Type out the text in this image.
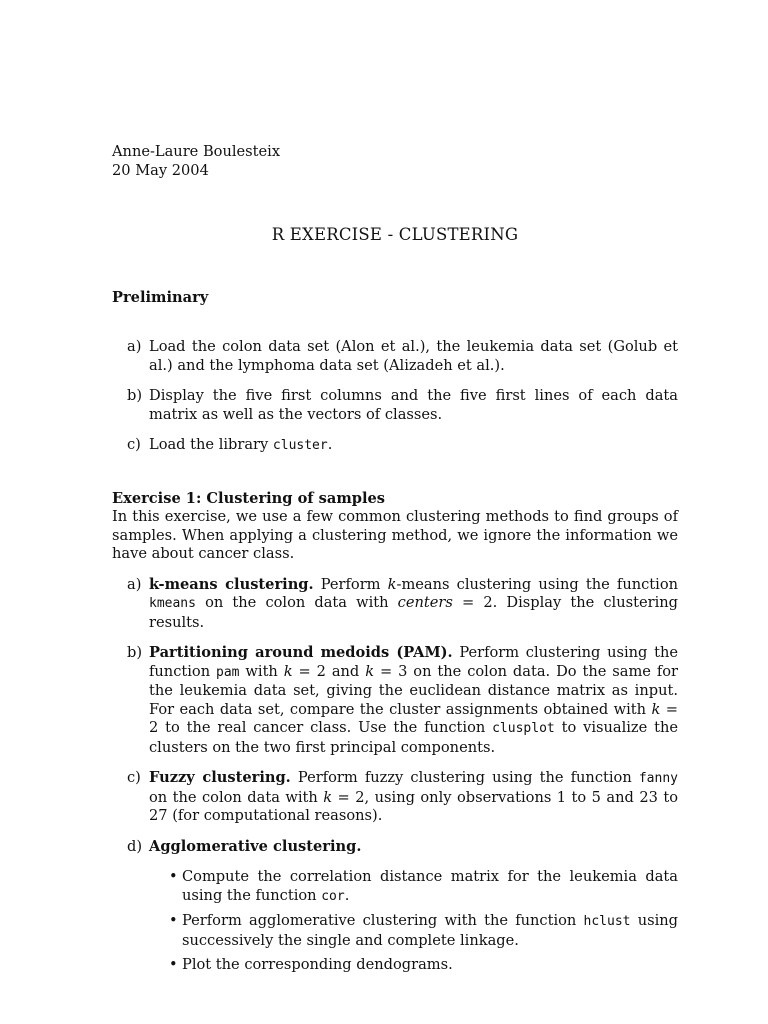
Anne-Laure Boulesteix

20 May 2004

R EXERCISE - CLUSTERING
Preliminary
a) Load the colon data set (Alon et al.), the leukemia data set (Golub et al.) and the lymphoma data set (Alizadeh et al.).
b) Display the five first columns and the five first lines of each data matrix as well as the vectors of classes.
c) Load the library cluster.
Exercise 1: Clustering of samples

In this exercise, we use a few common clustering methods to find groups of samples. When applying a clustering method, we ignore the information we have about cancer class.

a) k-means clustering. Perform k-means clustering using the function kmeans on the colon data with centers = 2. Display the clustering results.
b) Partitioning around medoids (PAM). Perform clustering using the function pam with k = 2 and k = 3 on the colon data. Do the same for the leukemia data set, giving the euclidean distance matrix as input. For each data set, compare the cluster assignments obtained with k = 2 to the real cancer class. Use the function clusplot to visualize the clusters on the two first principal components.
c) Fuzzy clustering. Perform fuzzy clustering using the function fanny on the colon data with k = 2, using only observations 1 to 5 and 23 to 27 (for computational reasons).
d) Agglomerative clustering.
• Compute the correlation distance matrix for the leukemia data using the function cor.
• Perform agglomerative clustering with the function hclust using successively the single and complete linkage.
• Plot the corresponding dendograms.
